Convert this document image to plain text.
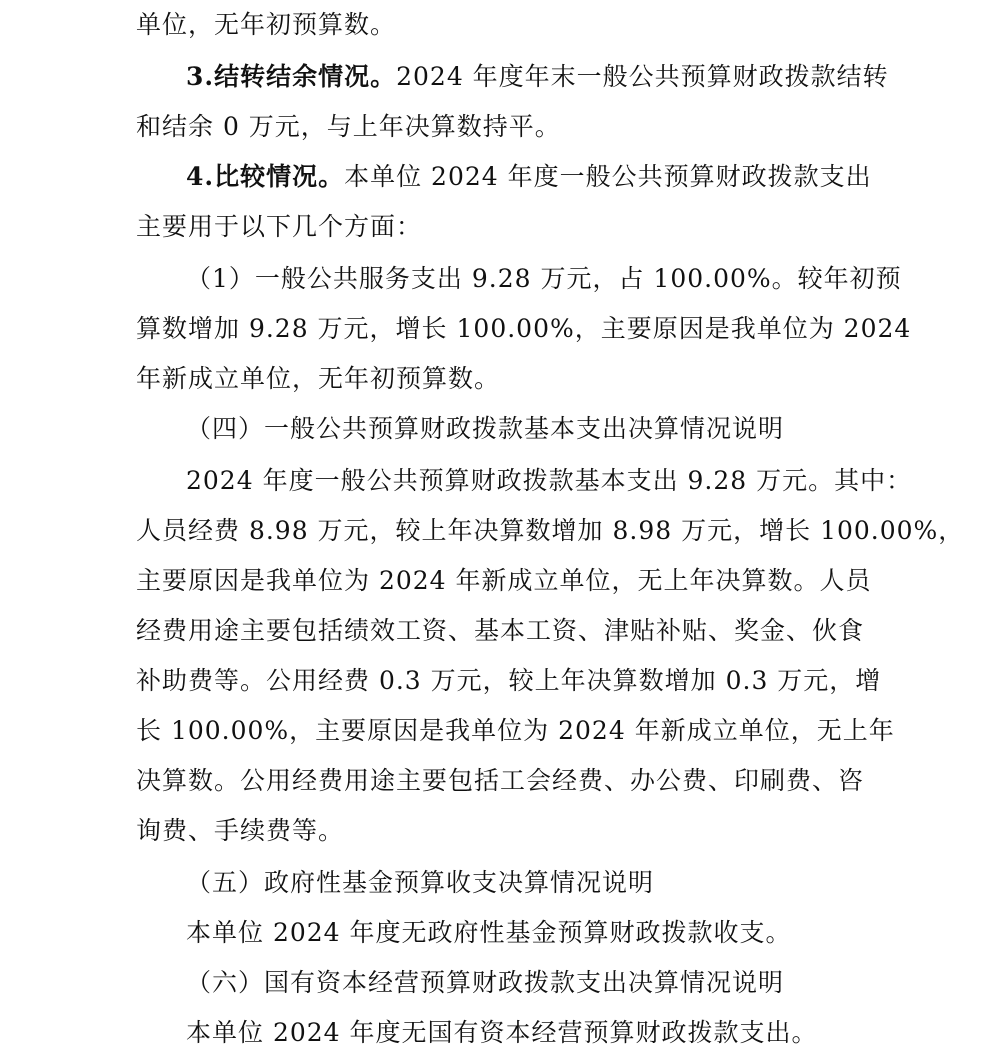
单位，无年初预算数。
3.结转结余情况。2024 年度年末一般公共预算财政拨款结转
和结余 0 万元，与上年决算数持平。
4.比较情况。本单位 2024 年度一般公共预算财政拨款支出
主要用于以下几个方面：
（1）一般公共服务支出 9.28 万元，占 100.00%。较年初预
算数增加 9.28 万元，增长 100.00%，主要原因是我单位为 2024
年新成立单位，无年初预算数。
（四）一般公共预算财政拨款基本支出决算情况说明
2024 年度一般公共预算财政拨款基本支出 9.28 万元。其中：
人员经费 8.98 万元，较上年决算数增加 8.98 万元，增长 100.00%，
主要原因是我单位为 2024 年新成立单位，无上年决算数。人员
经费用途主要包括绩效工资、基本工资、津贴补贴、奖金、伙食
补助费等。公用经费 0.3 万元，较上年决算数增加 0.3 万元，增
长 100.00%，主要原因是我单位为 2024 年新成立单位，无上年
决算数。公用经费用途主要包括工会经费、办公费、印刷费、咨
询费、手续费等。
（五）政府性基金预算收支决算情况说明
本单位 2024 年度无政府性基金预算财政拨款收支。
（六）国有资本经营预算财政拨款支出决算情况说明
本单位 2024 年度无国有资本经营预算财政拨款支出。
